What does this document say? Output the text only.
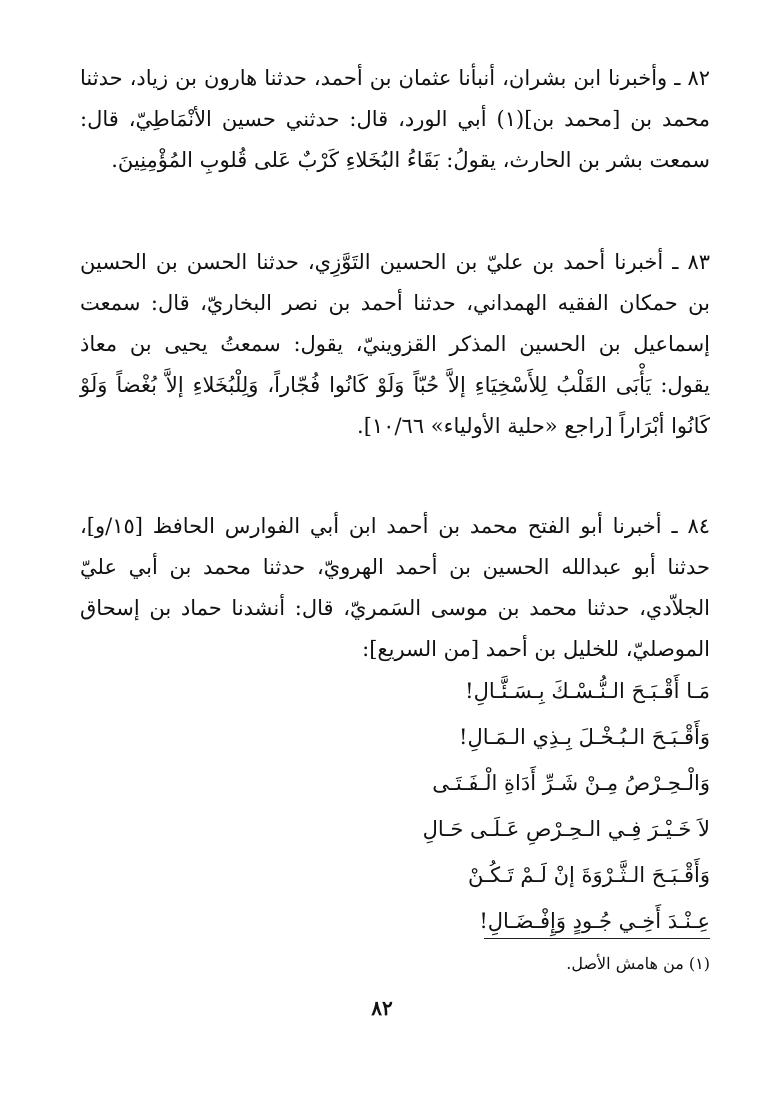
٨٢ ـ وأخبرنا ابن بشران، أنبأنا عثمان بن أحمد، حدثنا هارون بن زياد، حدثنا محمد بن [محمد بن](١) أبي الورد، قال: حدثني حسين الأنْمَاطِيّ، قال: سمعت بشر بن الحارث، يقولُ: بَقَاءُ البُخَلاءِ كَرْبٌ عَلى قُلوبِ المُؤْمِنِينَ.

٨٣ ـ أخبرنا أحمد بن عليّ بن الحسين التَوَّزِي، حدثنا الحسن بن الحسين بن حمكان الفقيه الهمداني، حدثنا أحمد بن نصر البخاريّ، قال: سمعت إسماعيل بن الحسين المذكر القزوينيّ، يقول: سمعتُ يحيى بن معاذ يقول: يَأْبَى القَلْبُ لِلأَسْخِيَاءِ إلاَّ حُبّاً وَلَوْ كَانُوا فُجّاراً، وَلِلْبُخَلاءِ إلاَّ بُغْضاً وَلَوْ كَانُوا أبْرَاراً [راجع «حلية الأولياء» ١٠/٦٦].

٨٤ ـ أخبرنا أبو الفتح محمد بن أحمد ابن أبي الفوارس الحافظ [١٥/و]، حدثنا أبو عبدالله الحسين بن أحمد الهرويّ، حدثنا محمد بن أبي عليّ الجلاّدي، حدثنا محمد بن موسى السَمريّ، قال: أنشدنا حماد بن إسحاق الموصليّ، للخليل بن أحمد [من السريع]:

مَـا أَقْـبَـحَ الـنُّـسْـكَ بِـسَـئَّـالِ!
وَأَقْـبَـحَ الـبُـخْـلَ بِـذِي الـمَـالِ!
وَالْـحِـرْصُ مِـنْ شَـرِّ أَدَاةِ الْـفَـتَـى
لاَ خَـيْـرَ فِـي الـحِـرْصِ عَـلَـى حَـالِ
وَأَقْـبَـحَ الـثَّـرْوَةَ إنْ لَـمْ تَـكُـنْ
عِـنْـدَ أَخِـي جُـودٍ وَإِفْـضَـالِ!
(١) من هامش الأصل.
٨٢
